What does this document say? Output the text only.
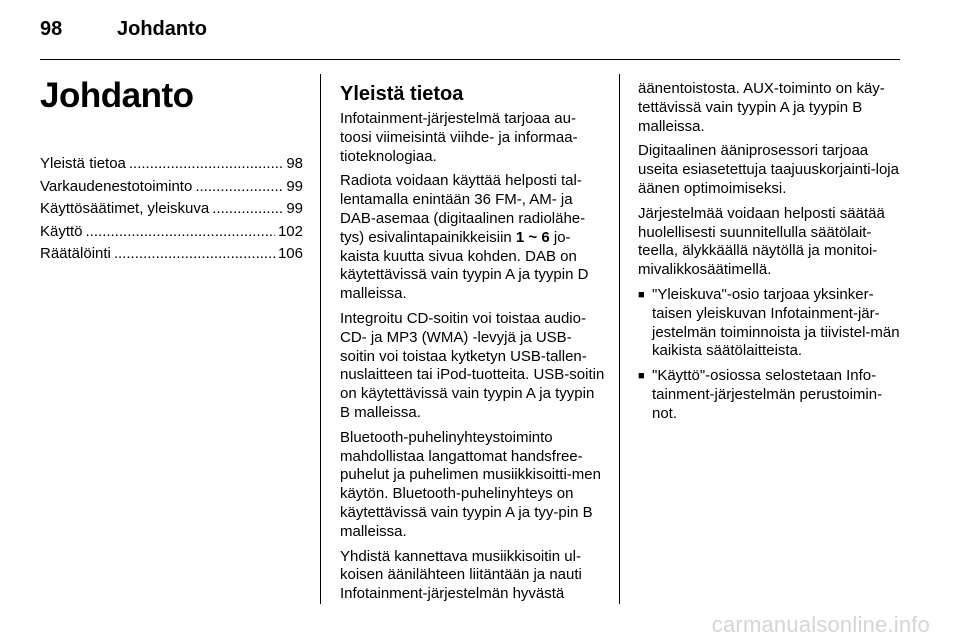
98	Johdanto
Johdanto
Yleistä tietoa .....	98
Varkaudenestotoiminto .....	99
Käyttösäätimet, yleiskuva .....	99
Käyttö .....	102
Räätälöinti .....	106
Yleistä tietoa

Infotainment-järjestelmä tarjoaa au-toosi viimeisintä viihde- ja informaa-tioteknologiaa.

Radiota voidaan käyttää helposti tal-lentamalla enintään 36 FM-, AM- ja DAB-asemaa (digitaalinen radiolähe-tys) esivalintapainikkeisiin 1 ~ 6 jo-kaista kuutta sivua kohden. DAB on käytettävissä vain tyypin A ja tyypin D malleissa.

Integroitu CD-soitin voi toistaa audio-CD- ja MP3 (WMA) -levyjä ja USB-soitin voi toistaa kytketyn USB-tallen-nuslaitteen tai iPod-tuotteita. USB-soitin on käytettävissä vain tyypin A ja tyypin B malleissa.

Bluetooth-puhelinyhteystoiminto mahdollistaa langattomat handsfree-puhelut ja puhelimen musiikkisoitti-men käytön. Bluetooth-puhelinyhteys on käytettävissä vain tyypin A ja tyy-pin B malleissa.

Yhdistä kannettava musiikkisoitin ul-koisen äänilähteen liitäntään ja nauti Infotainment-järjestelmän hyvästä

äänentoistosta. AUX-toiminto on käy-tettävissä vain tyypin A ja tyypin B malleissa.

Digitaalinen ääniprosessori tarjoaa useita esiasetettuja taajuuskorjainti-loja äänen optimoimiseksi.

Järjestelmää voidaan helposti säätää huolellisesti suunnitellulla säätölait-teella, älykkäällä näytöllä ja monitoi-mivalikkosäätimellä.

■ "Yleiskuva"-osio tarjoaa yksinker-taisen yleiskuvan Infotainment-jär-jestelmän toiminnoista ja tiivistel-män kaikista säätölaitteista.
■ "Käyttö"-osiossa selostetaan Info-tainment-järjestelmän perustoimin-not.
carmanualsonline.info
